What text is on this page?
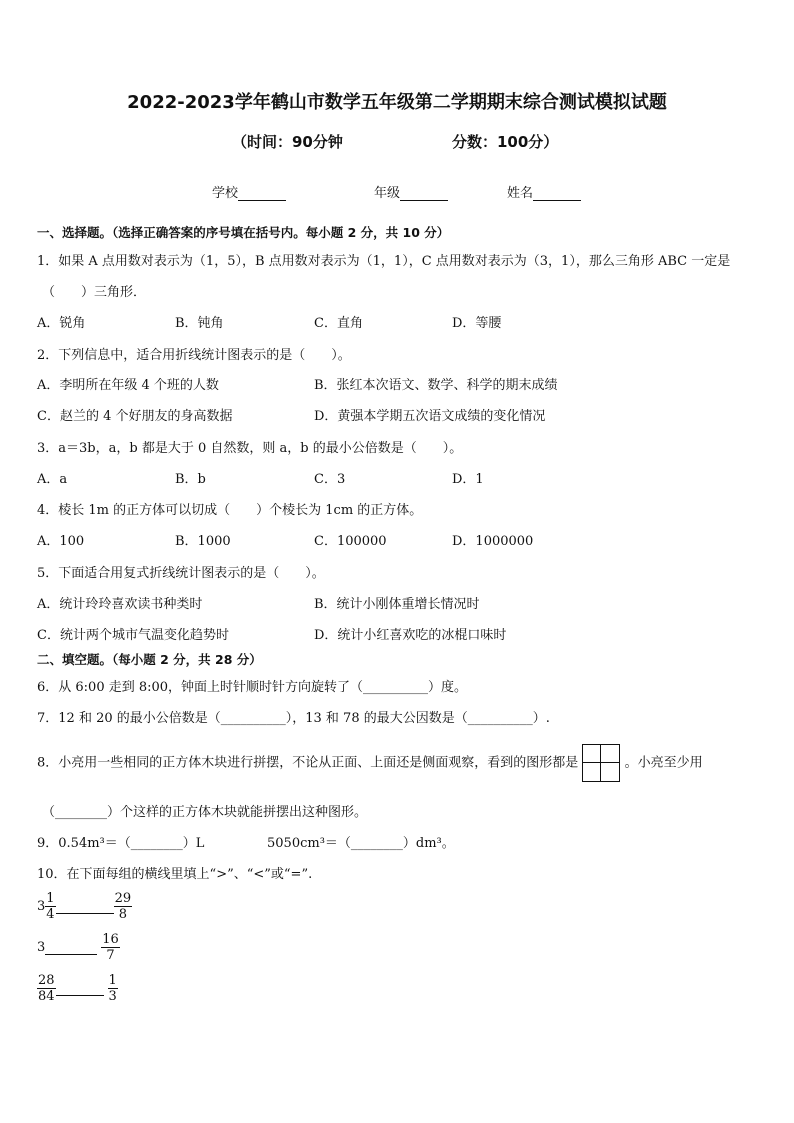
2022-2023学年鹤山市数学五年级第二学期期末综合测试模拟试题
（时间：90分钟	分数：100分）
学校	年级	姓名
一、选择题。（选择正确答案的序号填在括号内。每小题 2 分，共 10 分）
1．如果 A 点用数对表示为（1，5），B 点用数对表示为（1，1），C 点用数对表示为（3，1），那么三角形 ABC 一定是
（　　）三角形．
A．锐角	B．钝角	C．直角	D．等腰
2．下列信息中，适合用折线统计图表示的是（　　）。
A．李明所在年级 4 个班的人数	B．张红本次语文、数学、科学的期末成绩
C．赵兰的 4 个好朋友的身高数据	D．黄强本学期五次语文成绩的变化情况
3．a＝3b，a，b 都是大于 0 自然数，则 a，b 的最小公倍数是（　　）。
A．a	B．b	C．3	D．1
4．棱长 1m 的正方体可以切成（　　）个棱长为 1cm 的正方体。
A．100	B．1000	C．100000	D．1000000
5．下面适合用复式折线统计图表示的是（　　）。
A．统计玲玲喜欢读书种类时	B．统计小刚体重增长情况时
C．统计两个城市气温变化趋势时	D．统计小红喜欢吃的冰棍口味时
二、填空题。（每小题 2 分，共 28 分）
6．从 6:00 走到 8:00，钟面上时针顺时针方向旋转了（__________）度。
7．12 和 20 的最小公倍数是（__________），13 和 78 的最大公因数是（__________）.
8．小亮用一些相同的正方体木块进行拼摆，不论从正面、上面还是侧面观察，看到的图形都是	。小亮至少用
（________）个这样的正方体木块就能拼摆出这种图形。
9．0.54m³＝（________）L	5050cm³＝（________）dm³。
10．在下面每组的横线里填上“>”、“<”或“=”.
$3 \frac{1}{4}$	$\frac{29}{8}$
3	$\frac{16}{7}$
$\frac{28}{84}$	$\frac{1}{3}$
